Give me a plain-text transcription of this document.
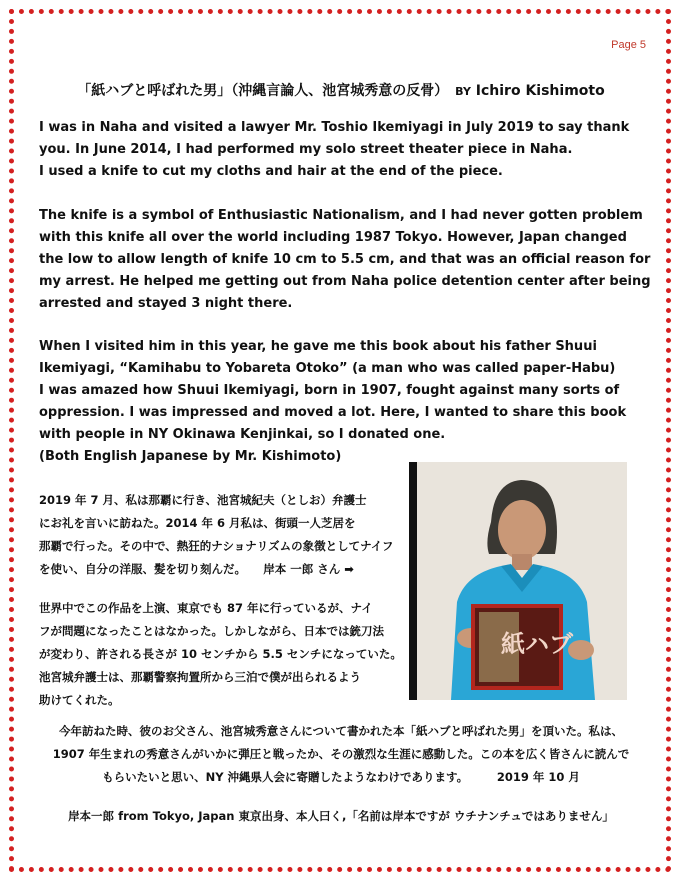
Page 5
「紙ハブと呼ばれた男」（沖縄言論人、池宮城秀意の反骨） BY Ichiro Kishimoto
I was in Naha and visited a lawyer Mr. Toshio Ikemiyagi in July 2019 to say thank
you. In June 2014, I had performed my solo street theater piece in Naha.
I used a knife to cut my cloths and hair at the end of the piece.
The knife is a symbol of Enthusiastic Nationalism, and I had never gotten problem
with this knife all over the world including 1987 Tokyo. However, Japan changed
the low to allow length of knife 10 cm to 5.5 cm, and that was an official reason for
my arrest. He helped me getting out from Naha police detention center after being
arrested and stayed 3 night there.
When I visited him in this year, he gave me this book about his father Shuui
Ikemiyagi, “Kamihabu to Yobareta Otoko” (a man who was called paper-Habu)
I was amazed how Shuui Ikemiyagi, born in 1907, fought against many sorts of
oppression. I was impressed and moved a lot. Here, I wanted to share this book
with people in NY Okinawa Kenjinkai, so I donated one.
(Both English Japanese by Mr. Kishimoto)
2019 年 7 月、私は那覇に行き、池宮城紀夫（としお）弁護士
にお礼を言いに訪ねた。2014 年 6 月私は、街頭一人芝居を
那覇で行った。その中で、熱狂的ナショナリズムの象徴としてナイフ
を使い、自分の洋服、髪を切り刻んだ。　　岸本 一郎 さん ➡
世界中でこの作品を上演、東京でも 87 年に行っているが、ナイ
フが問題になったことはなかった。しかしながら、日本では銃刀法
が変わり、許される長さが 10 センチから 5.5 センチになっていた。
池宮城弁護士は、那覇警察拘置所から三泊で僕が出られるよう
助けてくれた。
紙ハブ
今年訪ねた時、彼のお父さん、池宮城秀意さんについて書かれた本「紙ハブと呼ばれた男」を頂いた。私は、
1907 年生まれの秀意さんがいかに弾圧と戦ったか、その激烈な生涯に感動した。この本を広く皆さんに読んで
もらいたいと思い、NY 沖縄県人会に寄贈したようなわけであります。　　　2019 年 10 月
岸本一郎 from Tokyo, Japan 東京出身、本人曰く,「名前は岸本ですが ウチナンチュではありません」
